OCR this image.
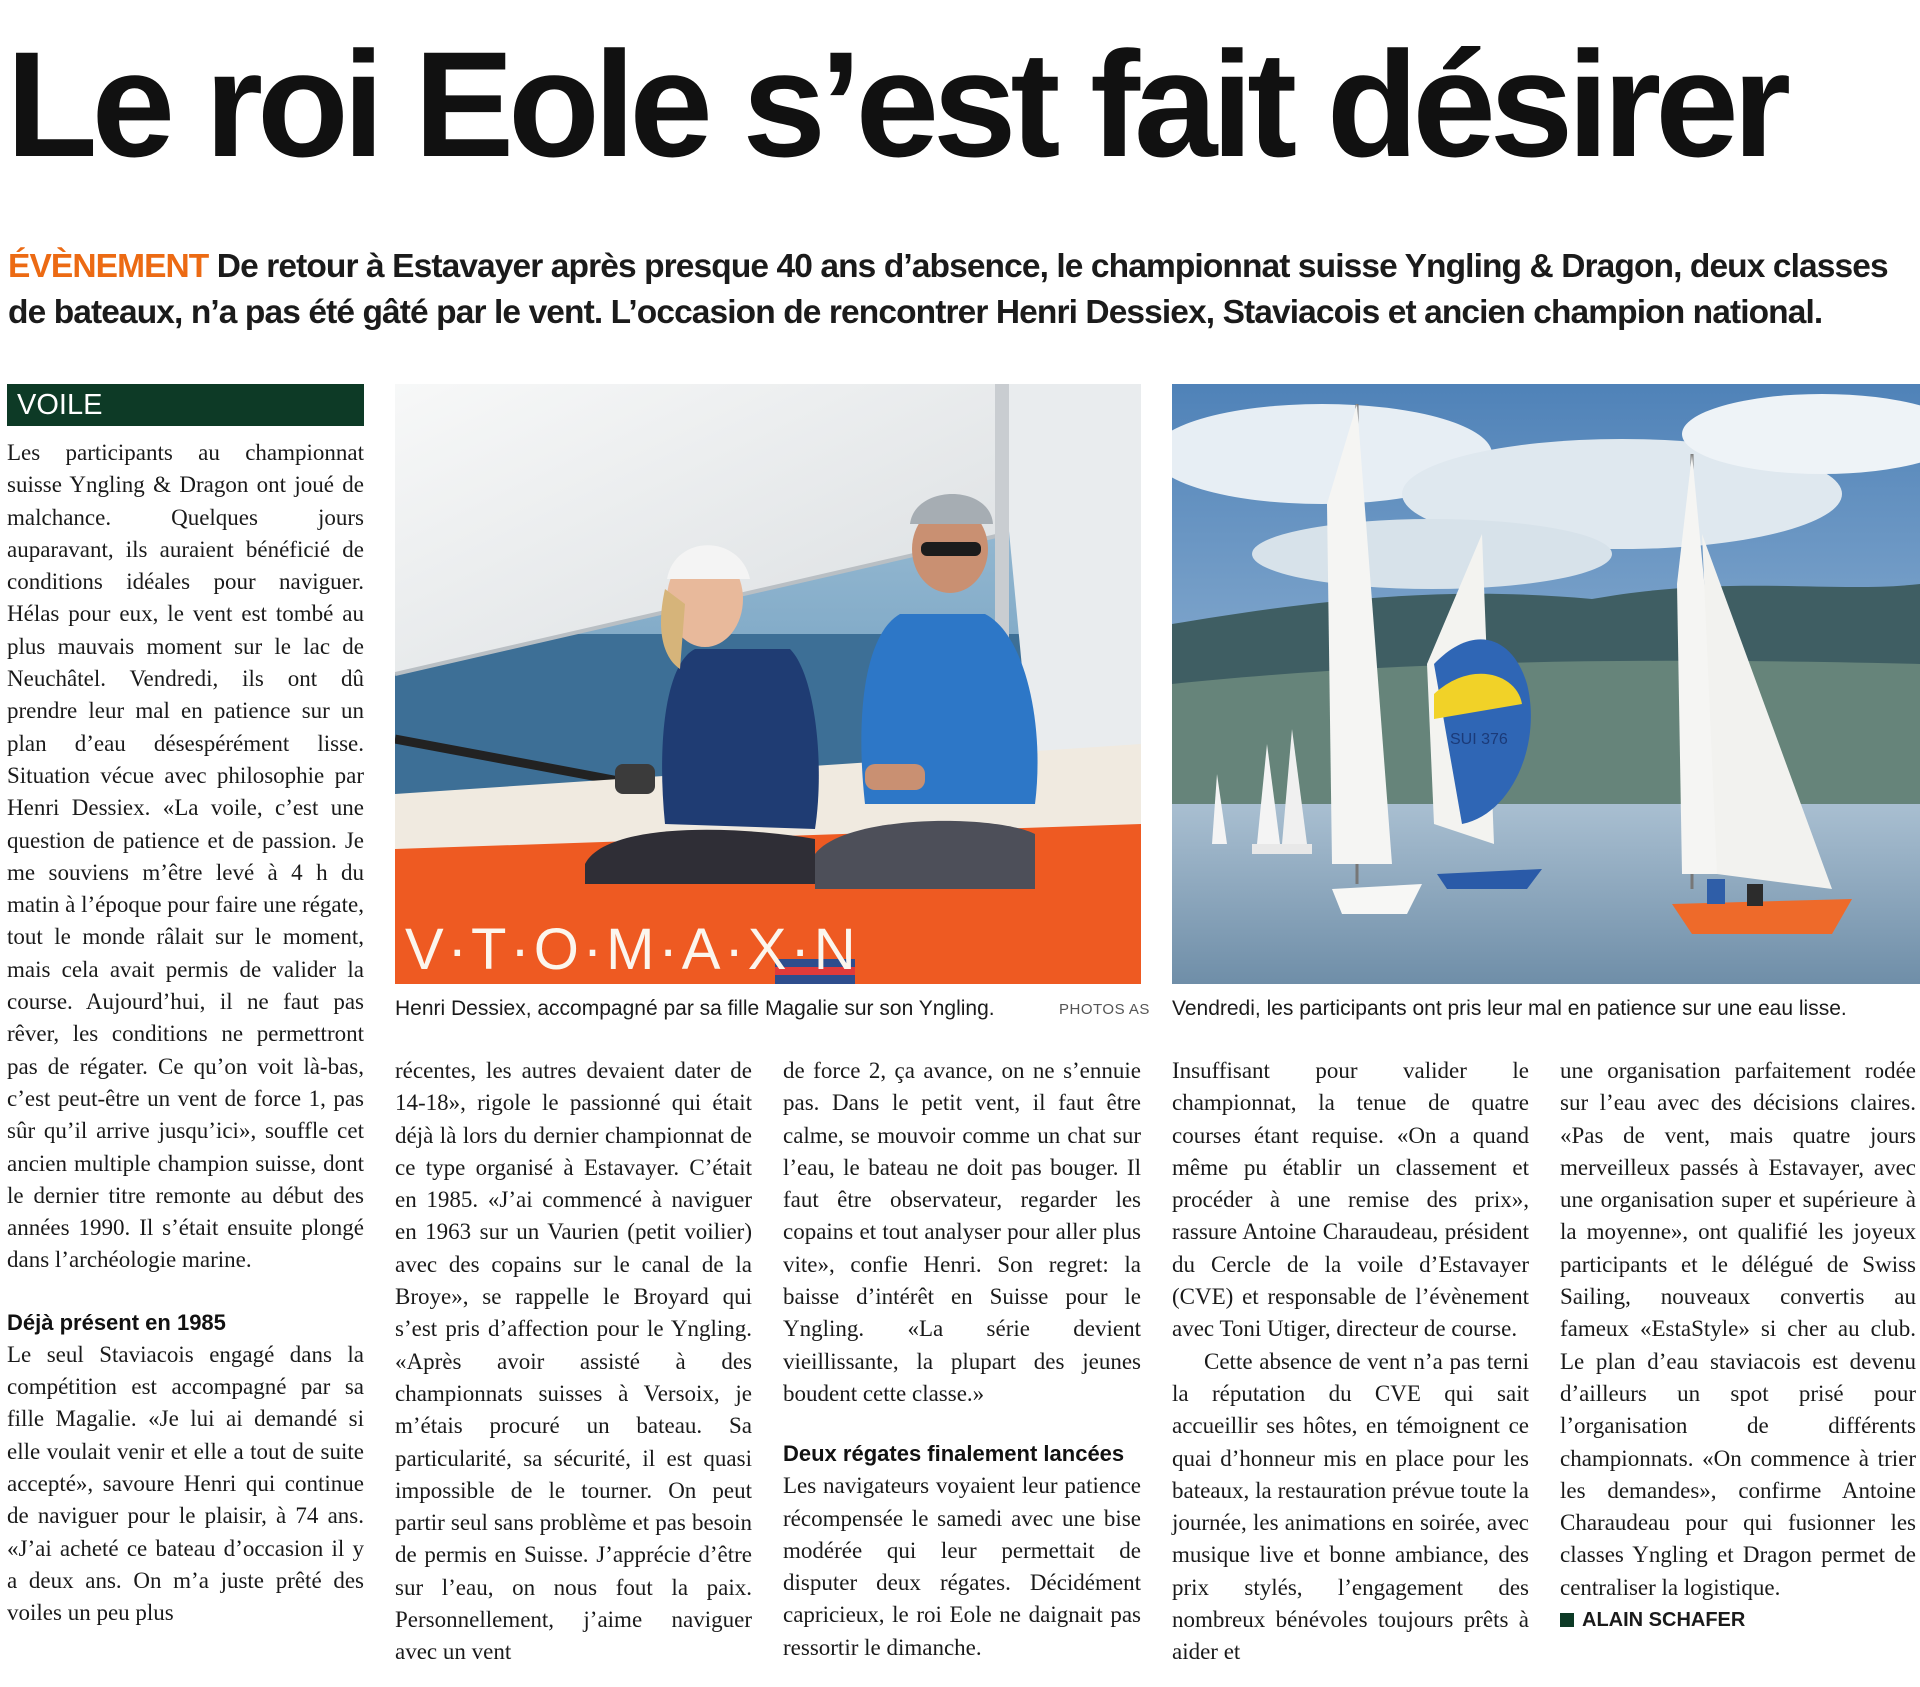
Le roi Eole s’est fait désirer

ÉVÈNEMENT De retour à Estavayer après presque 40 ans d’absence, le championnat suisse Yngling & Dragon, deux classes de bateaux, n’a pas été gâté par le vent. L’occasion de rencontrer Henri Dessiex, Staviacois et ancien champion national.

VOILE

Les participants au championnat suisse Yngling & Dragon ont joué de malchance. Quelques jours auparavant, ils auraient bénéficié de conditions idéales pour naviguer. Hélas pour eux, le vent est tombé au plus mauvais moment sur le lac de Neuchâtel. Vendredi, ils ont dû prendre leur mal en patience sur un plan d’eau désespérément lisse. Situation vécue avec philosophie par Henri Dessiex. «La voile, c’est une question de patience et de passion. Je me souviens m’être levé à 4 h du matin à l’époque pour faire une régate, tout le monde râlait sur le moment, mais cela avait permis de valider la course. Aujourd’hui, il ne faut pas rêver, les conditions ne permettront pas de régater. Ce qu’on voit là-bas, c’est peut-être un vent de force 1, pas sûr qu’il arrive jusqu’ici», souffle cet ancien multiple champion suisse, dont le dernier titre remonte au début des années 1990. Il s’était ensuite plongé dans l’archéologie marine.

Déjà présent en 1985

Le seul Staviacois engagé dans la compétition est accompagné par sa fille Magalie. «Je lui ai demandé si elle voulait venir et elle a tout de suite accepté», savoure Henri qui continue de naviguer pour le plaisir, à 74 ans. «J’ai acheté ce bateau d’occasion il y a deux ans. On m’a juste prêté des voiles un peu plus

V·T·O·M·A·X·N
Henri Dessiex, accompagné par sa fille Magalie sur son Yngling.	PHOTOS AS
SUI 376
Vendredi, les participants ont pris leur mal en patience sur une eau lisse.

récentes, les autres devaient dater de 14-18», rigole le passionné qui était déjà là lors du dernier championnat de ce type organisé à Estavayer. C’était en 1985. «J’ai commencé à naviguer en 1963 sur un Vaurien (petit voilier) avec des copains sur le canal de la Broye», se rappelle le Broyard qui s’est pris d’affection pour le Yngling. «Après avoir assisté à des championnats suisses à Versoix, je m’étais procuré un bateau. Sa particularité, sa sécurité, il est quasi impossible de le tourner. On peut partir seul sans problème et pas besoin de permis en Suisse. J’apprécie d’être sur l’eau, on nous fout la paix. Personnellement, j’aime naviguer avec un vent

de force 2, ça avance, on ne s’ennuie pas. Dans le petit vent, il faut être calme, se mouvoir comme un chat sur l’eau, le bateau ne doit pas bouger. Il faut être observateur, regarder les copains et tout analyser pour aller plus vite», confie Henri. Son regret: la baisse d’intérêt en Suisse pour le Yngling. «La série devient vieillissante, la plupart des jeunes boudent cette classe.»

Deux régates finalement lancées

Les navigateurs voyaient leur patience récompensée le samedi avec une bise modérée qui leur permettait de disputer deux régates. Décidément capricieux, le roi Eole ne daignait pas ressortir le dimanche.

Insuffisant pour valider le championnat, la tenue de quatre courses étant requise. «On a quand même pu établir un classement et procéder à une remise des prix», rassure Antoine Charaudeau, président du Cercle de la voile d’Estavayer (CVE) et responsable de l’évènement avec Toni Utiger, directeur de course.

Cette absence de vent n’a pas terni la réputation du CVE qui sait accueillir ses hôtes, en témoignent ce quai d’honneur mis en place pour les bateaux, la restauration prévue toute la journée, les animations en soirée, avec musique live et bonne ambiance, des prix stylés, l’engagement des nombreux bénévoles toujours prêts à aider et

une organisation parfaitement rodée sur l’eau avec des décisions claires. «Pas de vent, mais quatre jours merveilleux passés à Estavayer, avec une organisation super et supérieure à la moyenne», ont qualifié les joyeux participants et le délégué de Swiss Sailing, nouveaux convertis au fameux «EstaStyle» si cher au club. Le plan d’eau staviacois est devenu d’ailleurs un spot prisé pour l’organisation de différents championnats. «On commence à trier les demandes», confirme Antoine Charaudeau pour qui fusionner les classes Yngling et Dragon permet de centraliser la logistique.

ALAIN SCHAFER
